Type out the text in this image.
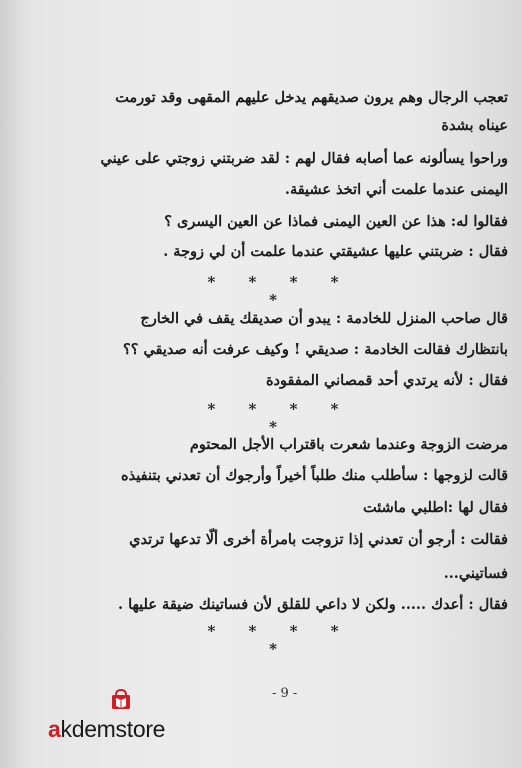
تعجب الرجال وهم يرون صديقهم يدخل عليهم المقهى وقد تورمت
عيناه بشدة
وراحوا يسألونه عما أصابه فقال لهم : لقد ضربتني زوجتي على عيني
اليمنى عندما علمت أني اتخذ عشيقة.
فقالوا له: هذا عن العين اليمنى فماذا عن العين اليسرى ؟
فقال : ضربتني عليها عشيقتي عندما علمت أن لي زوجة .
* * * * *
قال صاحب المنزل للخادمة : يبدو أن صديقك يقف في الخارج
بانتظارك فقالت الخادمة : صديقي ! وكيف عرفت أنه صديقي ؟؟
فقال : لأنه يرتدي أحد قمصاني المفقودة
* * * * *
مرضت الزوجة وعندما شعرت باقتراب الأجل المحتوم
قالت لزوجها : سأطلب منك طلباً أخيراً وأرجوك أن تعدني بتنفيذه
فقال لها :اطلبي ماشئت
فقالت : أرجو أن تعدني إذا تزوجت بامرأة أخرى ألّا تدعها ترتدي
فساتيني...
فقال : أعدك ..... ولكن لا داعي للقلق لأن فساتينك ضيقة عليها .
* * * * *
- 9 -
akdemstore
